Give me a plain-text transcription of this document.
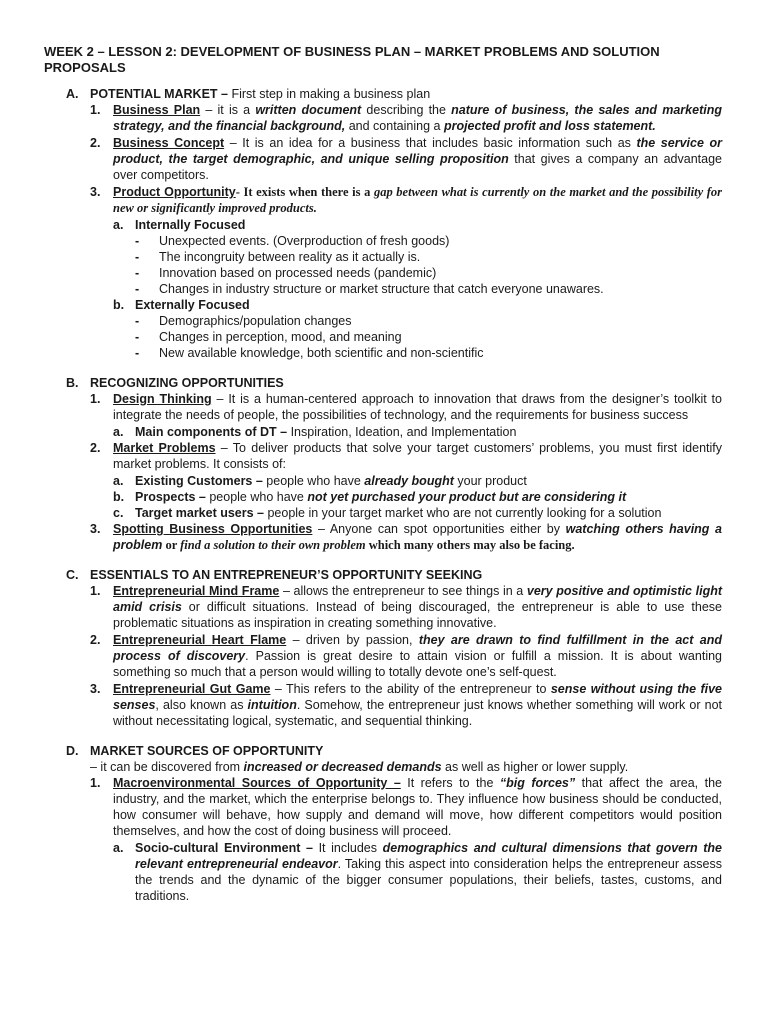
WEEK 2 – LESSON 2: DEVELOPMENT OF BUSINESS PLAN – MARKET PROBLEMS AND SOLUTION PROPOSALS
A. POTENTIAL MARKET – First step in making a business plan
1. Business Plan – it is a written document describing the nature of business, the sales and marketing strategy, and the financial background, and containing a projected profit and loss statement.
2. Business Concept – It is an idea for a business that includes basic information such as the service or product, the target demographic, and unique selling proposition that gives a company an advantage over competitors.
3. Product Opportunity- It exists when there is a gap between what is currently on the market and the possibility for new or significantly improved products.
a. Internally Focused
- Unexpected events. (Overproduction of fresh goods)
- The incongruity between reality as it actually is.
- Innovation based on processed needs (pandemic)
- Changes in industry structure or market structure that catch everyone unawares.
b. Externally Focused
- Demographics/population changes
- Changes in perception, mood, and meaning
- New available knowledge, both scientific and non-scientific
B. RECOGNIZING OPPORTUNITIES
1. Design Thinking – It is a human-centered approach to innovation that draws from the designer’s toolkit to integrate the needs of people, the possibilities of technology, and the requirements for business success
a. Main components of DT – Inspiration, Ideation, and Implementation
2. Market Problems – To deliver products that solve your target customers’ problems, you must first identify market problems. It consists of:
a. Existing Customers – people who have already bought your product
b. Prospects – people who have not yet purchased your product but are considering it
c. Target market users – people in your target market who are not currently looking for a solution
3. Spotting Business Opportunities – Anyone can spot opportunities either by watching others having a problem or find a solution to their own problem which many others may also be facing.
C. ESSENTIALS TO AN ENTREPRENEUR’S OPPORTUNITY SEEKING
1. Entrepreneurial Mind Frame – allows the entrepreneur to see things in a very positive and optimistic light amid crisis or difficult situations. Instead of being discouraged, the entrepreneur is able to use these problematic situations as inspiration in creating something innovative.
2. Entrepreneurial Heart Flame – driven by passion, they are drawn to find fulfillment in the act and process of discovery. Passion is great desire to attain vision or fulfill a mission. It is about wanting something so much that a person would willing to totally devote one’s self-quest.
3. Entrepreneurial Gut Game – This refers to the ability of the entrepreneur to sense without using the five senses, also known as intuition. Somehow, the entrepreneur just knows whether something will work or not without necessitating logical, systematic, and sequential thinking.
D. MARKET SOURCES OF OPPORTUNITY
– it can be discovered from increased or decreased demands as well as higher or lower supply.
1. Macroenvironmental Sources of Opportunity – It refers to the “big forces” that affect the area, the industry, and the market, which the enterprise belongs to. They influence how business should be conducted, how consumer will behave, how supply and demand will move, how different competitors would position themselves, and how the cost of doing business will proceed.
a. Socio-cultural Environment – It includes demographics and cultural dimensions that govern the relevant entrepreneurial endeavor. Taking this aspect into consideration helps the entrepreneur assess the trends and the dynamic of the bigger consumer populations, their beliefs, tastes, customs, and traditions.
